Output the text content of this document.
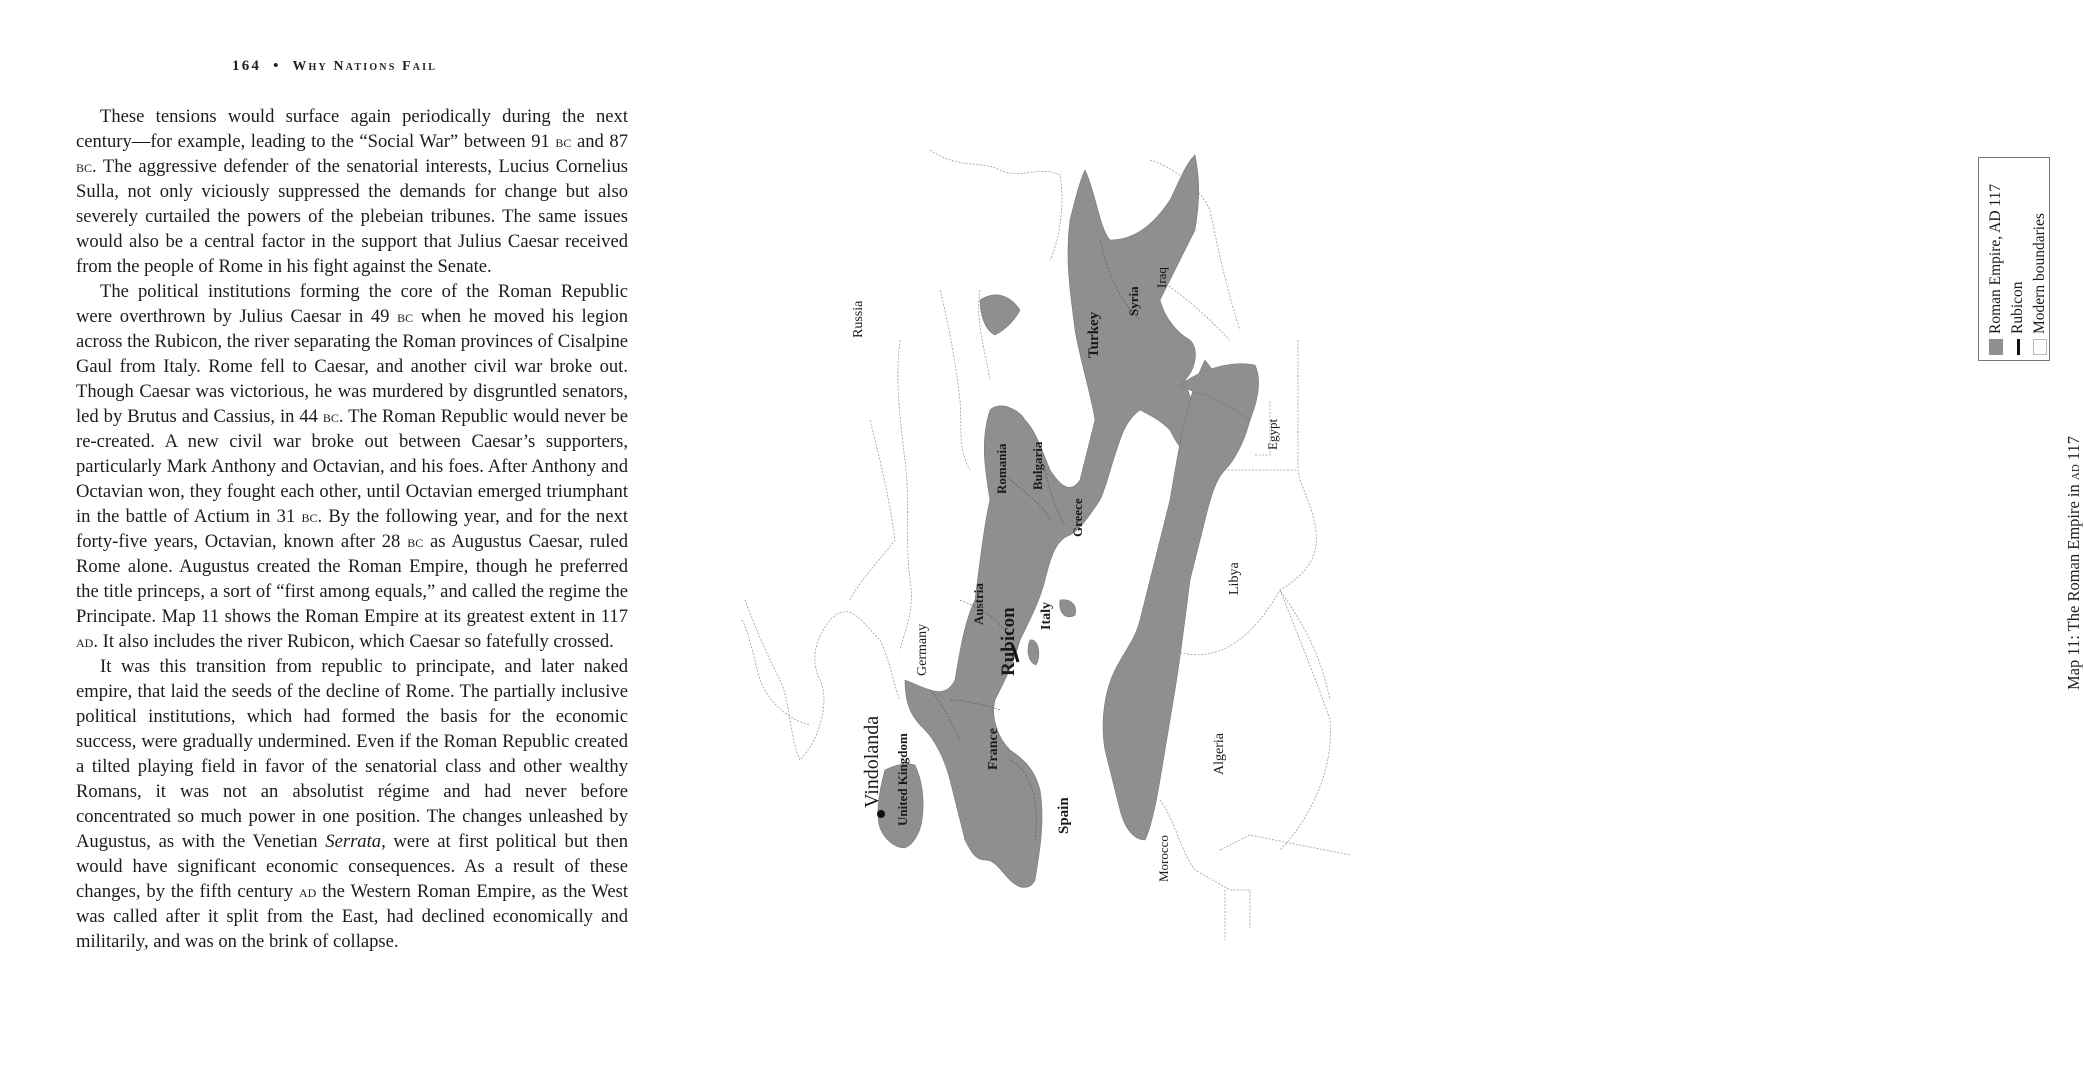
164 • Why Nations Fail

These tensions would surface again periodically during the next century—for example, leading to the “Social War” between 91 bc and 87 bc. The aggressive defender of the senatorial interests, Lucius Cornelius Sulla, not only viciously suppressed the demands for change but also severely curtailed the powers of the plebeian tribunes. The same issues would also be a central factor in the support that Julius Caesar received from the people of Rome in his fight against the Senate.

The political institutions forming the core of the Roman Republic were overthrown by Julius Caesar in 49 bc when he moved his legion across the Rubicon, the river separating the Roman provinces of Cisalpine Gaul from Italy. Rome fell to Caesar, and another civil war broke out. Though Caesar was victorious, he was murdered by disgruntled senators, led by Brutus and Cassius, in 44 bc. The Roman Republic would never be re-created. A new civil war broke out between Caesar’s supporters, particularly Mark Anthony and Octavian, and his foes. After Anthony and Octavian won, they fought each other, until Octavian emerged triumphant in the battle of Actium in 31 bc. By the following year, and for the next forty-five years, Octavian, known after 28 bc as Augustus Caesar, ruled Rome alone. Augustus created the Roman Empire, though he preferred the title princeps, a sort of “first among equals,” and called the regime the Principate. Map 11 shows the Roman Empire at its greatest extent in 117 ad. It also includes the river Rubicon, which Caesar so fatefully crossed.

It was this transition from republic to principate, and later naked empire, that laid the seeds of the decline of Rome. The partially inclusive political institutions, which had formed the basis for the economic success, were gradually undermined. Even if the Roman Republic created a tilted playing field in favor of the senatorial class and other wealthy Romans, it was not an absolutist régime and had never before concentrated so much power in one position. The changes unleashed by Augustus, as with the Venetian Serrata, were at first political but then would have significant economic consequences. As a result of these changes, by the fifth century ad the Western Roman Empire, as the West was called after it split from the East, had declined economically and militarily, and was on the brink of collapse.

Russia
Vindolanda United Kingdom
Germany
France
Spain
Austria
Rubicon Italy
Romania Bulgaria
Greece
Turkey
Syria
Iraq
Egypt
Libya
Algeria
Morocco
Roman Empire, AD 117 Rubicon Modern boundaries
Map 11: The Roman Empire in ad 117
